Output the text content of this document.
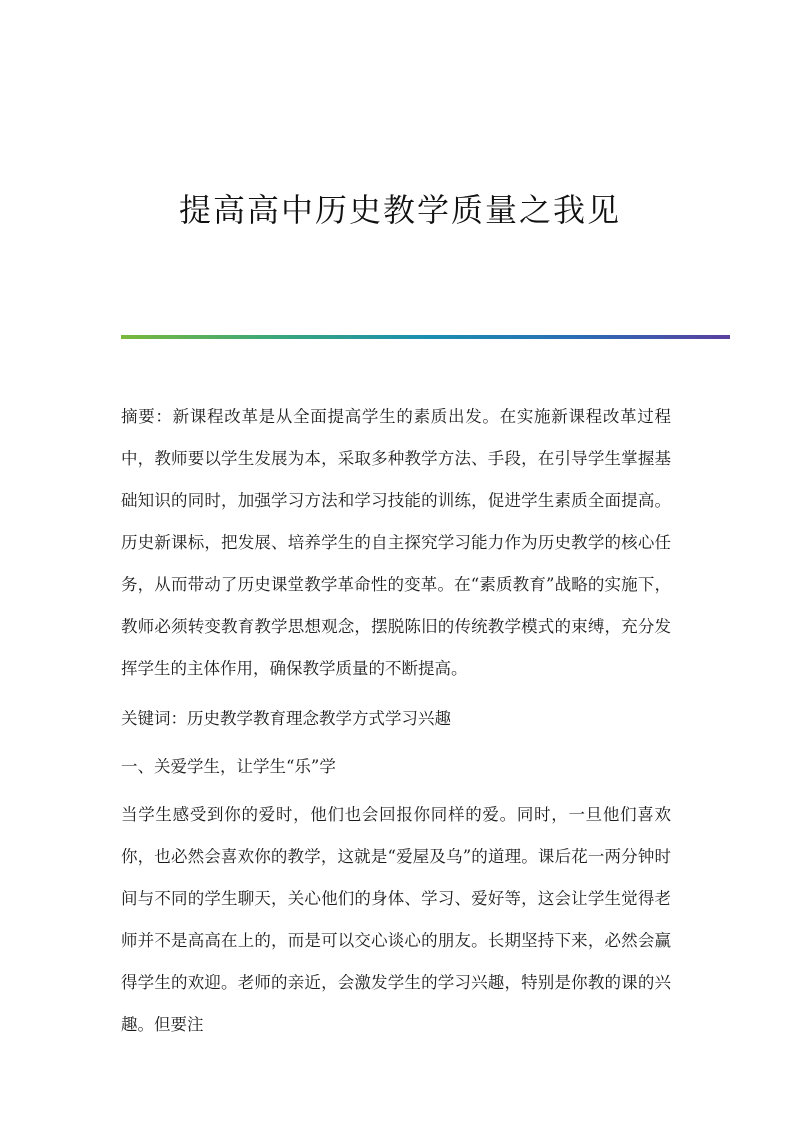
提高高中历史教学质量之我见

摘要：新课程改革是从全面提高学生的素质出发。在实施新课程改革过程中，教师要以学生发展为本，采取多种教学方法、手段，在引导学生掌握基础知识的同时，加强学习方法和学习技能的训练，促进学生素质全面提高。历史新课标，把发展、培养学生的自主探究学习能力作为历史教学的核心任务，从而带动了历史课堂教学革命性的变革。在“素质教育”战略的实施下，教师必须转变教育教学思想观念，摆脱陈旧的传统教学模式的束缚，充分发挥学生的主体作用，确保教学质量的不断提高。

关键词：历史教学教育理念教学方式学习兴趣

一、关爱学生，让学生“乐”学

当学生感受到你的爱时，他们也会回报你同样的爱。同时，一旦他们喜欢你，也必然会喜欢你的教学，这就是“爱屋及乌”的道理。课后花一两分钟时间与不同的学生聊天，关心他们的身体、学习、爱好等，这会让学生觉得老师并不是高高在上的，而是可以交心谈心的朋友。长期坚持下来，必然会赢得学生的欢迎。老师的亲近，会激发学生的学习兴趣，特别是你教的课的兴趣。但要注
